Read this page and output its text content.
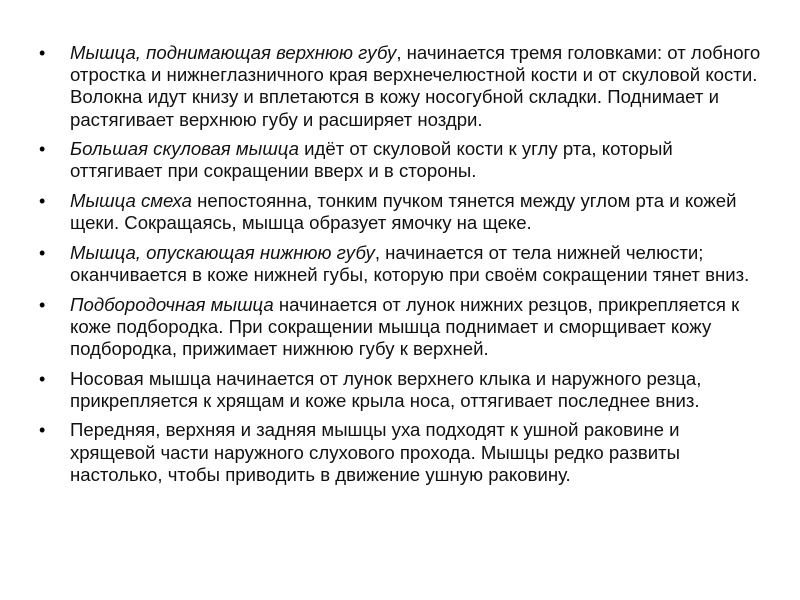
• Мышца, поднимающая верхнюю губу, начинается тремя головками: от лобного отростка и нижнеглазничного края верхнечелюстной кости и от скуловой кости. Волокна идут книзу и вплетаются в кожу носогубной складки. Поднимает и растягивает верхнюю губу и расширяет ноздри.
• Большая скуловая мышца идёт от скуловой кости к углу рта, который оттягивает при сокращении вверх и в стороны.
• Мышца смеха непостоянна, тонким пучком тянется между углом рта и кожей щеки. Сокращаясь, мышца образует ямочку на щеке.
• Мышца, опускающая нижнюю губу, начинается от тела нижней челюсти; оканчивается в коже нижней губы, которую при своём сокращении тянет вниз.
• Подбородочная мышца начинается от лунок нижних резцов, прикрепляется к коже подбородка. При сокращении мышца поднимает и сморщивает кожу подбородка, прижимает нижнюю губу к верхней.
• Носовая мышца начинается от лунок верхнего клыка и наружного резца, прикрепляется к хрящам и коже крыла носа, оттягивает последнее вниз.
• Передняя, верхняя и задняя мышцы уха подходят к ушной раковине и хрящевой части наружного слухового прохода. Мышцы редко развиты настолько, чтобы приводить в движение ушную раковину.
